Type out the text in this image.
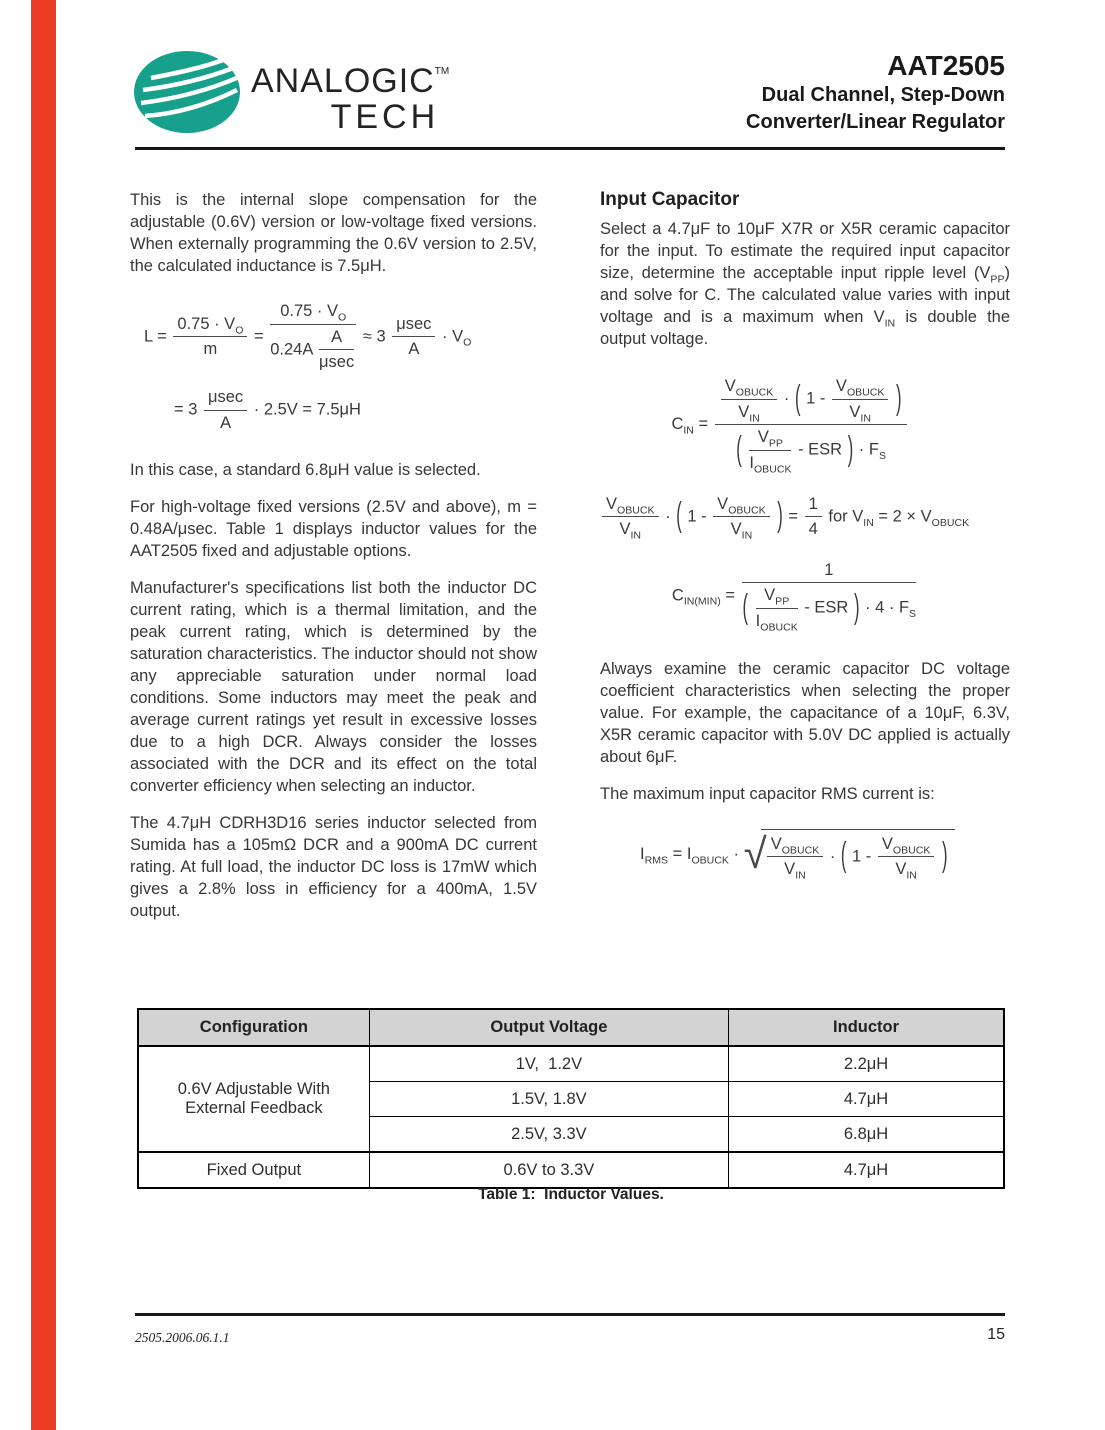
ANALOGIC™
TECH
AAT2505
Dual Channel, Step-Down
Converter/Linear Regulator

This is the internal slope compensation for the adjustable (0.6V) version or low-voltage fixed versions. When externally programming the 0.6V version to 2.5V, the calculated inductance is 7.5μH.

$L = \frac{0.75 \cdot V_O}{m} = \frac{0.75 \cdot V_O}{0.24A \frac{A}{\mu\sec}} \approx 3 \frac{\mu\sec}{A} \cdot V_O$
= $3 \frac{\mu\sec}{A} \cdot 2.5V = 7.5\mu H$

In this case, a standard 6.8μH value is selected.

For high-voltage fixed versions (2.5V and above), m = 0.48A/μsec. Table 1 displays inductor values for the AAT2505 fixed and adjustable options.

Manufacturer's specifications list both the inductor DC current rating, which is a thermal limitation, and the peak current rating, which is determined by the saturation characteristics. The inductor should not show any appreciable saturation under normal load conditions. Some inductors may meet the peak and average current ratings yet result in excessive losses due to a high DCR. Always consider the losses associated with the DCR and its effect on the total converter efficiency when selecting an inductor.

The 4.7μH CDRH3D16 series inductor selected from Sumida has a 105mΩ DCR and a 900mA DC current rating. At full load, the inductor DC loss is 17mW which gives a 2.8% loss in efficiency for a 400mA, 1.5V output.

Input Capacitor

Select a 4.7μF to 10μF X7R or X5R ceramic capacitor for the input. To estimate the required input capacitor size, determine the acceptable input ripple level $(V_{PP})$ and solve for C. The calculated value varies with input voltage and is a maximum when $V_{IN}$ is double the output voltage.

$C_{IN}$ =
$\frac{V_{OBUCK}}{V_{IN}}$ · ( $1 - \frac{V_{OBUCK}}{V_{IN}}$ )
( $\frac{V_{PP}}{I_{OBUCK}}$ - ESR ) · $F_S$
$\frac{V_{OBUCK}}{V_{IN}}$ · ( $1 - \frac{V_{OBUCK}}{V_{IN}}$ ) = $\frac{1}{4}$ for $V_{IN} = 2 \times V_{OBUCK}$
$C_{IN(MIN)}$ =
1
( $\frac{V_{PP}}{I_{OBUCK}}$ - ESR ) · $4 \cdot F_S$

Always examine the ceramic capacitor DC voltage coefficient characteristics when selecting the proper value. For example, the capacitance of a 10μF, 6.3V, X5R ceramic capacitor with 5.0V DC applied is actually about 6μF.

The maximum input capacitor RMS current is:

$I_{RMS} = I_{OBUCK}$ · √ $\frac{V_{OBUCK}}{V_{IN}}$ · ( $1 - \frac{V_{OBUCK}}{V_{IN}}$ )
Configuration	Output Voltage	Inductor
0.6V Adjustable With External Feedback	1V,  1.2V	2.2μH
	1.5V, 1.8V	4.7μH
	2.5V, 3.3V	6.8μH
Fixed Output	0.6V to 3.3V	4.7μH
Table 1:  Inductor Values.
2505.2006.06.1.1	15
